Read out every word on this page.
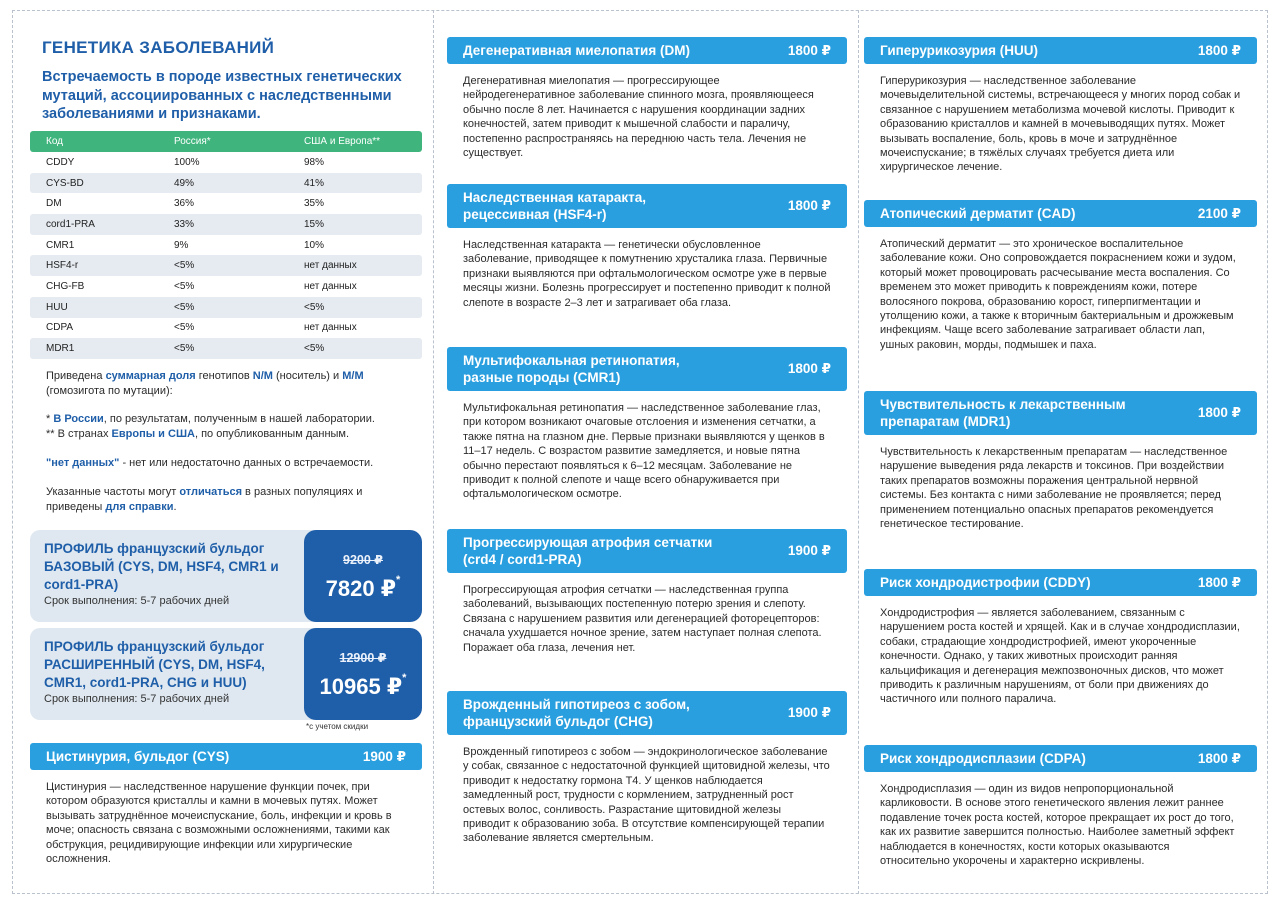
ГЕНЕТИКА ЗАБОЛЕВАНИЙ
Встречаемость в породе известных генетических мутаций, ассоциированных с наследственными заболеваниями и признаками.
Код	Россия*	США и Европа**
CDDY	100%	98%
CYS-BD	49%	41%
DM	36%	35%
cord1-PRA	33%	15%
CMR1	9%	10%
HSF4-r	<5%	нет данных
CHG-FB	<5%	нет данных
HUU	<5%	<5%
CDPA	<5%	нет данных
MDR1	<5%	<5%
Приведена суммарная доля генотипов N/M (носитель) и M/M (гомозигота по мутации):
* В России, по результатам, полученным в нашей лаборатории.
** В странах Европы и США, по опубликованным данным.
"нет данных" - нет или недостаточно данных о встречаемости.
Указанные частоты могут отличаться в разных популяциях и приведены для справки.
ПРОФИЛЬ французский бульдог БАЗОВЫЙ (CYS, DM, HSF4, CMR1 и cord1-PRA)
Срок выполнения: 5-7 рабочих дней
9200 ₽
7820 ₽*
ПРОФИЛЬ французский бульдог РАСШИРЕННЫЙ (CYS, DM, HSF4, CMR1, cord1-PRA, CHG и HUU)
Срок выполнения: 5-7 рабочих дней
12900 ₽
10965 ₽*
*с учетом скидки
Цистинурия, бульдог (CYS)	1900 ₽
Цистинурия — наследственное нарушение функции почек, при котором образуются кристаллы и камни в мочевых путях. Может вызывать затруднённое мочеиспускание, боль, инфекции и кровь в моче; опасность связана с возможными осложнениями, такими как обструкция, рецидивирующие инфекции или хирургические осложнения.
Дегенеративная миелопатия (DM)	1800 ₽
Дегенеративная миелопатия — прогрессирующее нейродегенеративное заболевание спинного мозга, проявляющееся обычно после 8 лет. Начинается с нарушения координации задних конечностей, затем приводит к мышечной слабости и параличу, постепенно распространяясь на переднюю часть тела. Лечения не существует.
Наследственная катаракта, рецессивная (HSF4-r)
1800 ₽
Наследственная катаракта — генетически обусловленное заболевание, приводящее к помутнению хрусталика глаза. Первичные признаки выявляются при офтальмологическом осмотре уже в первые месяцы жизни. Болезнь прогрессирует и постепенно приводит к полной слепоте в возрасте 2–3 лет и затрагивает оба глаза.
Мультифокальная ретинопатия, разные породы (CMR1)
1800 ₽
Мультифокальная ретинопатия — наследственное заболевание глаз, при котором возникают очаговые отслоения и изменения сетчатки, а также пятна на глазном дне. Первые признаки выявляются у щенков в 11–17 недель. С возрастом развитие замедляется, и новые пятна обычно перестают появляться к 6–12 месяцам. Заболевание не приводит к полной слепоте и чаще всего обнаруживается при офтальмологическом осмотре.
Прогрессирующая атрофия сетчатки (crd4 / cord1-PRA)
1900 ₽
Прогрессирующая атрофия сетчатки — наследственная группа заболеваний, вызывающих постепенную потерю зрения и слепоту. Связана с нарушением развития или дегенерацией фоторецепторов: сначала ухудшается ночное зрение, затем наступает полная слепота. Поражает оба глаза, лечения нет.
Врожденный гипотиреоз с зобом, французский бульдог (CHG)
1900 ₽
Врожденный гипотиреоз с зобом — эндокринологическое заболевание у собак, связанное с недостаточной функцией щитовидной железы, что приводит к недостатку гормона Т4. У щенков наблюдается замедленный рост, трудности с кормлением, затрудненный рост остевых волос, сонливость. Разрастание щитовидной железы приводит к образованию зоба. В отсутствие компенсирующей терапии заболевание является смертельным.
Гиперурикозурия (HUU)	1800 ₽
Гиперурикозурия — наследственное заболевание мочевыделительной системы, встречающееся у многих пород собак и связанное с нарушением метаболизма мочевой кислоты. Приводит к образованию кристаллов и камней в мочевыводящих путях. Может вызывать воспаление, боль, кровь в моче и затруднённое мочеиспускание; в тяжёлых случаях требуется диета или хирургическое лечение.
Атопический дерматит (CAD)	2100 ₽
Атопический дерматит — это хроническое воспалительное заболевание кожи. Оно сопровождается покраснением кожи и зудом, который может провоцировать расчесывание места воспаления. Со временем это может приводить к повреждениям кожи, потере волосяного покрова, образованию корост, гиперпигментации и утолщению кожи, а также к вторичным бактериальным и дрожжевым инфекциям. Чаще всего заболевание затрагивает области лап, ушных раковин, морды, подмышек и паха.
Чувствительность к лекарственным препаратам (MDR1)
1800 ₽
Чувствительность к лекарственным препаратам — наследственное нарушение выведения ряда лекарств и токсинов. При воздействии таких препаратов возможны поражения центральной нервной системы. Без контакта с ними заболевание не проявляется; перед применением потенциально опасных препаратов рекомендуется генетическое тестирование.
Риск хондродистрофии (CDDY)	1800 ₽
Хондродистрофия — является заболеванием, связанным с нарушением роста костей и хрящей. Как и в случае хондродисплазии, собаки, страдающие хондродистрофией, имеют укороченные конечности. Однако, у таких животных происходит ранняя кальцификация и дегенерация межпозвоночных дисков, что может приводить к различным нарушениям, от боли при движениях до частичного или полного паралича.
Риск хондродисплазии (CDPA)	1800 ₽
Хондродисплазия — один из видов непропорциональной карликовости. В основе этого генетического явления лежит раннее подавление точек роста костей, которое прекращает их рост до того, как их развитие завершится полностью. Наиболее заметный эффект наблюдается в конечностях, кости которых оказываются относительно укорочены и характерно искривлены.
